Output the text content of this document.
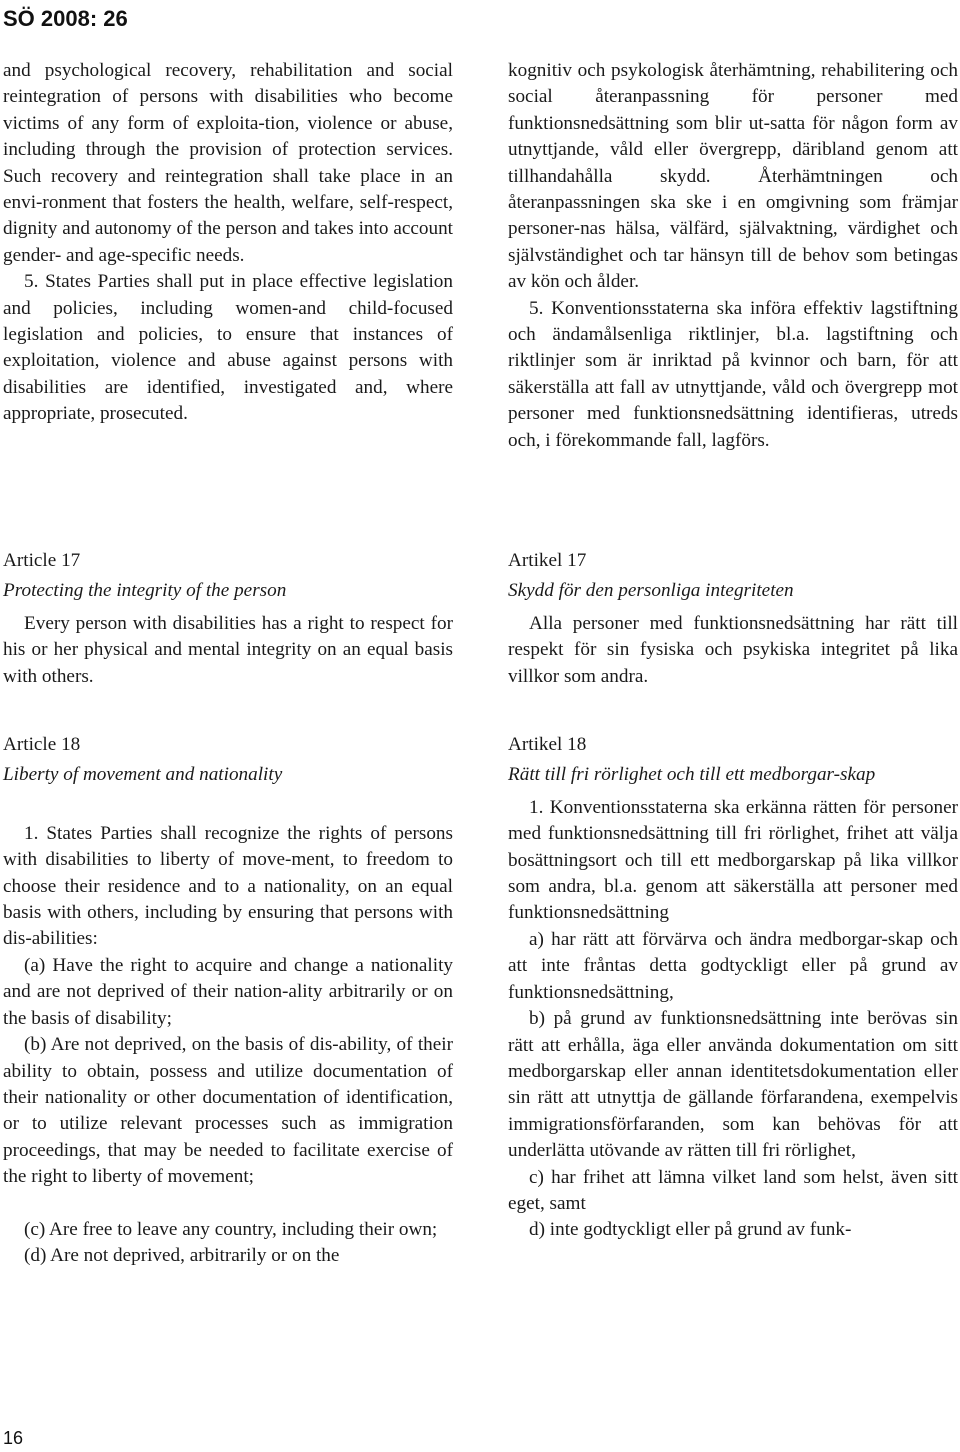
SÖ 2008: 26

and psychological recovery, rehabilitation and social reintegration of persons with disabilities who become victims of any form of exploita-tion, violence or abuse, including through the provision of protection services. Such recovery and reintegration shall take place in an envi-ronment that fosters the health, welfare, self-respect, dignity and autonomy of the person and takes into account gender- and age-specific needs.

5. States Parties shall put in place effective legislation and policies, including women-and child-focused legislation and policies, to ensure that instances of exploitation, violence and abuse against persons with disabilities are identified, investigated and, where appropriate, prosecuted.

Article 17

Protecting the integrity of the person

Every person with disabilities has a right to respect for his or her physical and mental integrity on an equal basis with others.

Article 18

Liberty of movement and nationality

1. States Parties shall recognize the rights of persons with disabilities to liberty of move-ment, to freedom to choose their residence and to a nationality, on an equal basis with others, including by ensuring that persons with dis-abilities:

(a) Have the right to acquire and change a nationality and are not deprived of their nation-ality arbitrarily or on the basis of disability;

(b) Are not deprived, on the basis of dis-ability, of their ability to obtain, possess and utilize documentation of their nationality or other documentation of identification, or to utilize relevant processes such as immigration proceedings, that may be needed to facilitate exercise of the right to liberty of movement;

(c) Are free to leave any country, including their own;

(d) Are not deprived, arbitrarily or on the

kognitiv och psykologisk återhämtning, rehabilitering och social återanpassning för personer med funktionsnedsättning som blir ut-satta för någon form av utnyttjande, våld eller övergrepp, däribland genom att tillhandahålla skydd. Återhämtningen och återanpassningen ska ske i en omgivning som främjar personer-nas hälsa, välfärd, självaktning, värdighet och självständighet och tar hänsyn till de behov som betingas av kön och ålder.

5. Konventionsstaterna ska införa effektiv lagstiftning och ändamålsenliga riktlinjer, bl.a. lagstiftning och riktlinjer som är inriktad på kvinnor och barn, för att säkerställa att fall av utnyttjande, våld och övergrepp mot personer med funktionsnedsättning identifieras, utreds och, i förekommande fall, lagförs.

Artikel 17

Skydd för den personliga integriteten

Alla personer med funktionsnedsättning har rätt till respekt för sin fysiska och psykiska integritet på lika villkor som andra.

Artikel 18

Rätt till fri rörlighet och till ett medborgar-skap

1. Konventionsstaterna ska erkänna rätten för personer med funktionsnedsättning till fri rörlighet, frihet att välja bosättningsort och till ett medborgarskap på lika villkor som andra, bl.a. genom att säkerställa att personer med funktionsnedsättning

a) har rätt att förvärva och ändra medborgar-skap och att inte fråntas detta godtyckligt eller på grund av funktionsnedsättning,

b) på grund av funktionsnedsättning inte berövas sin rätt att erhålla, äga eller använda dokumentation om sitt medborgarskap eller annan identitetsdokumentation eller sin rätt att utnyttja de gällande förfarandena, exempelvis immigrationsförfaranden, som kan behövas för att underlätta utövande av rätten till fri rörlighet,

c) har frihet att lämna vilket land som helst, även sitt eget, samt

d) inte godtyckligt eller på grund av funk-

16
